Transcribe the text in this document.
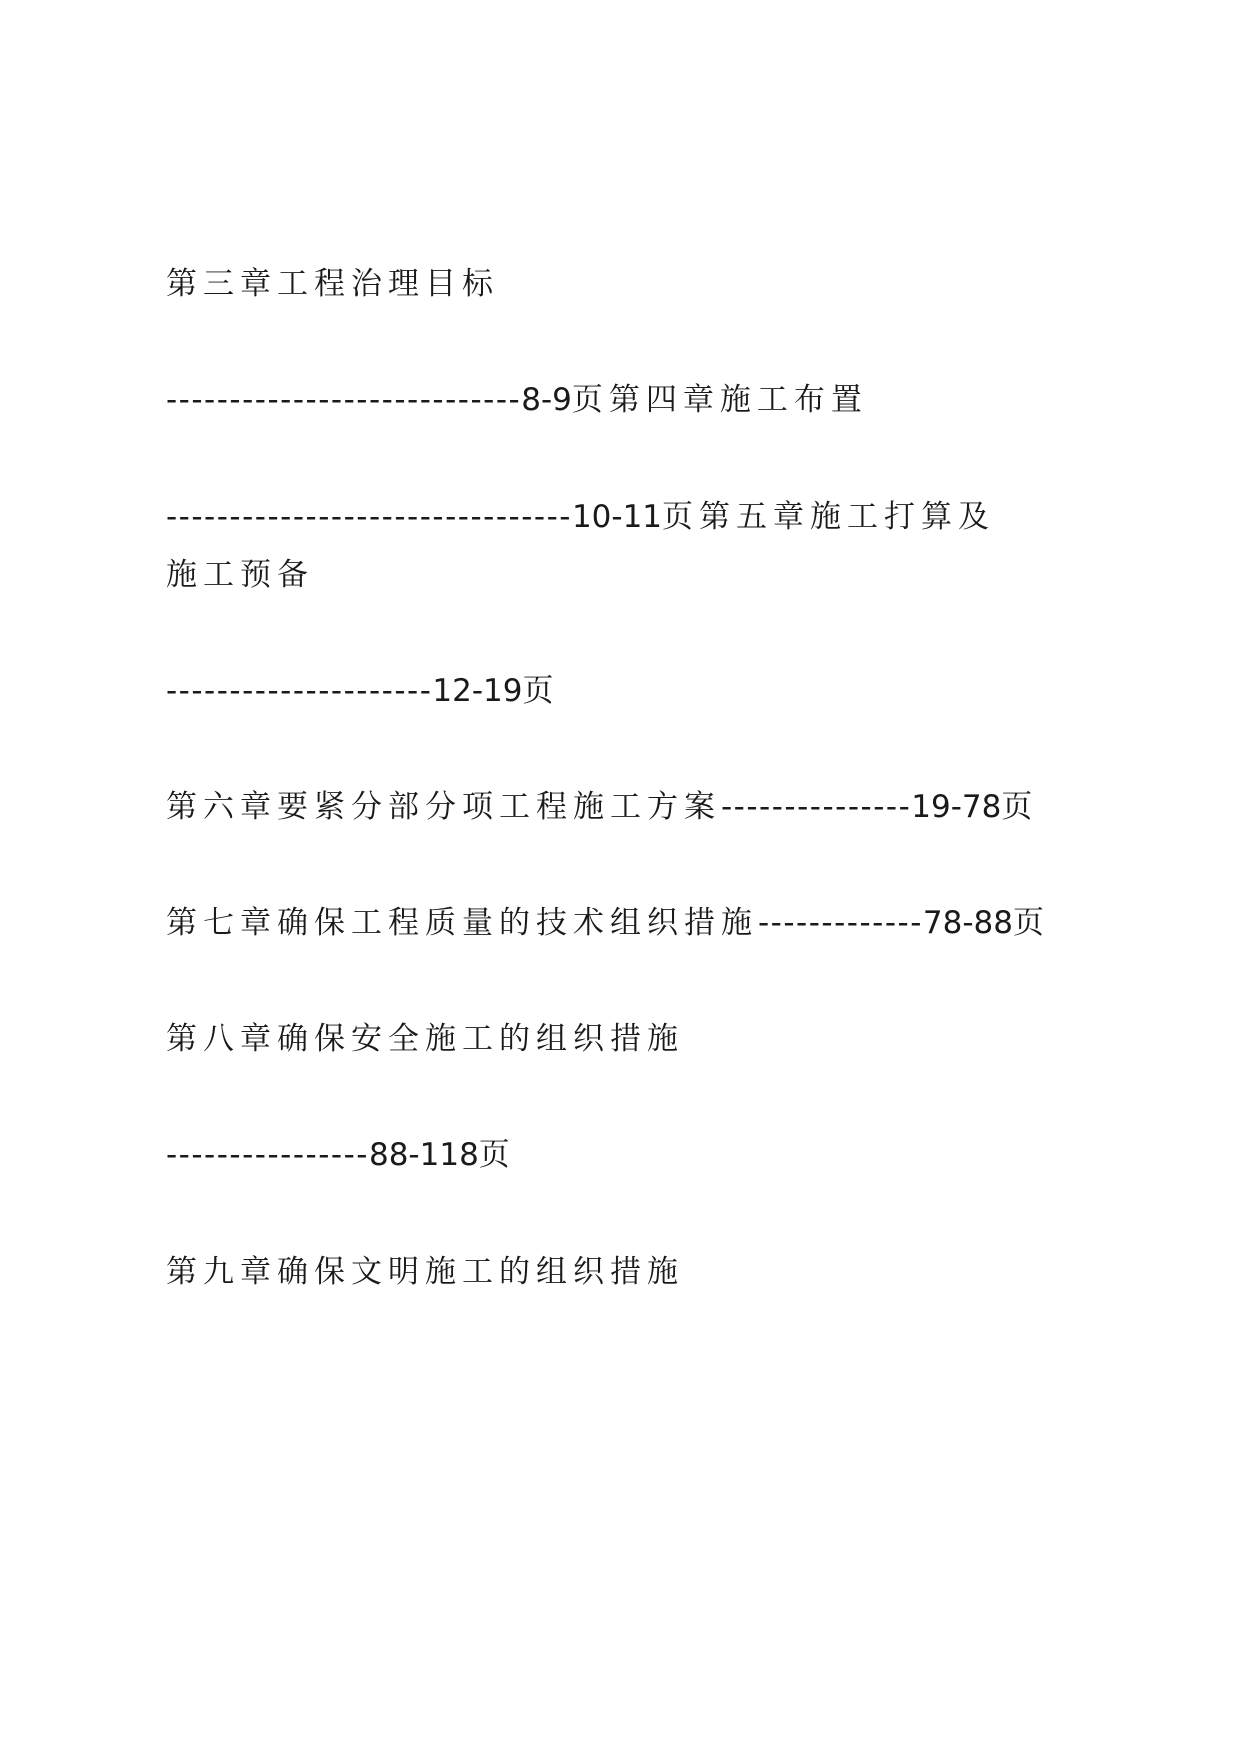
第三章工程治理目标
----------------------------8-9页第四章施工布置
--------------------------------10-11页第五章施工打算及
施工预备
---------------------12-19页
第六章要紧分部分项工程施工方案---------------19-78页
第七章确保工程质量的技术组织措施-------------78-88页
第八章确保安全施工的组织措施
----------------88-118页
第九章确保文明施工的组织措施
